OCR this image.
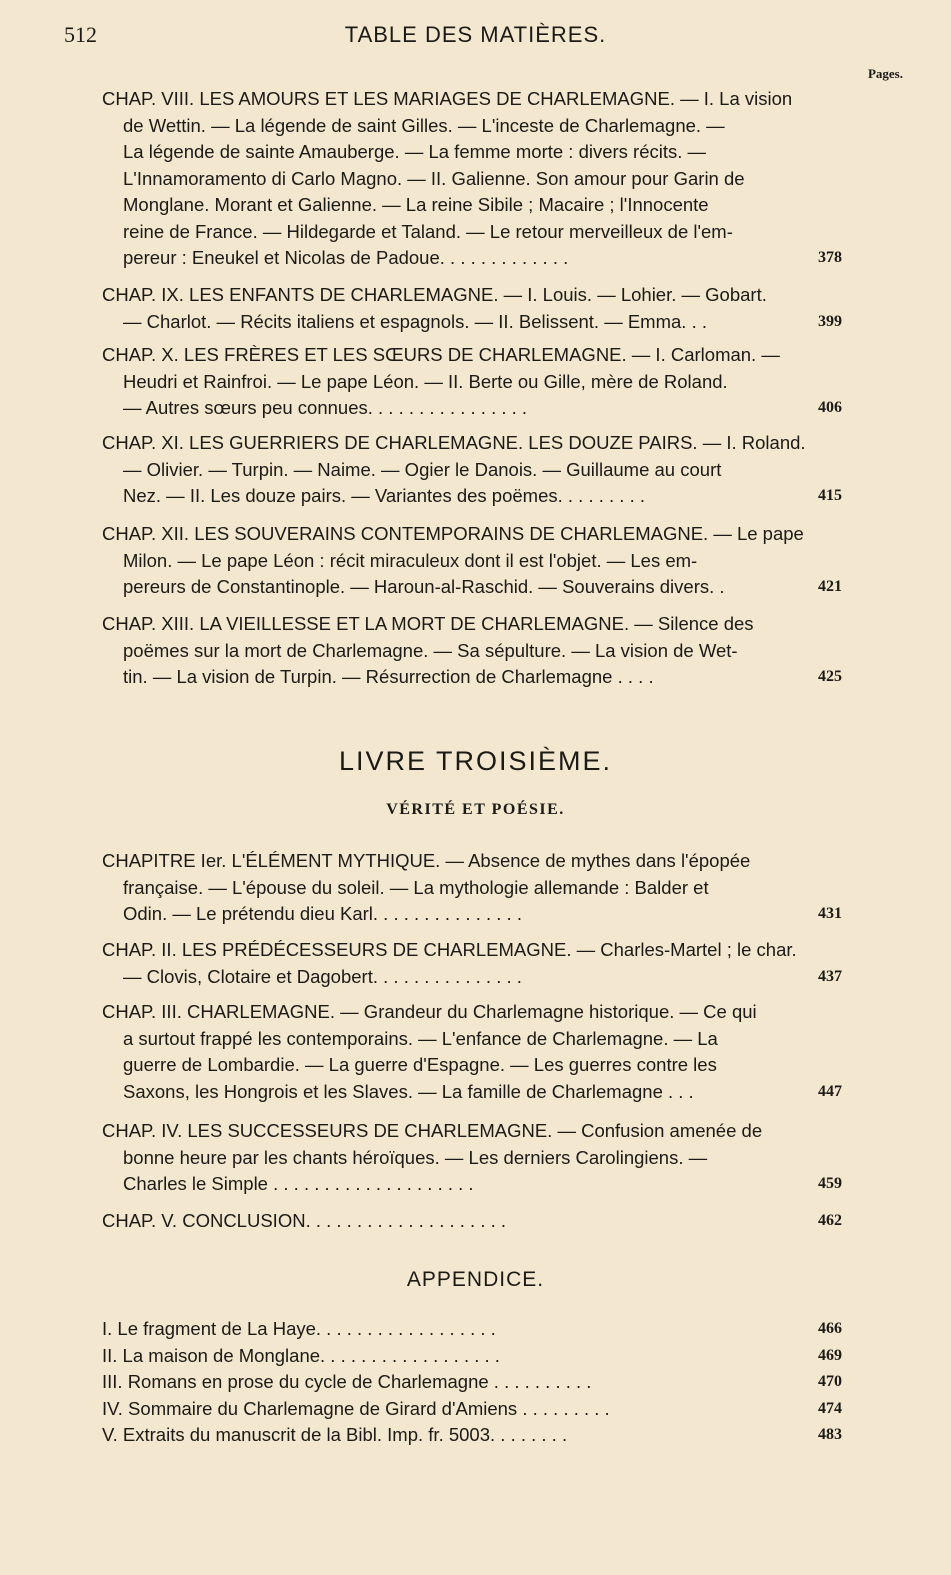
512	TABLE DES MATIÈRES.
Pages.
CHAP. VIII. LES AMOURS ET LES MARIAGES DE CHARLEMAGNE. — I. La vision
de Wettin. — La légende de saint Gilles. — L'inceste de Charlemagne. —
La légende de sainte Amauberge. — La femme morte : divers récits. —
L'Innamoramento di Carlo Magno. — II. Galienne. Son amour pour Garin de
Monglane. Morant et Galienne. — La reine Sibile ; Macaire ; l'Innocente
reine de France. — Hildegarde et Taland. — Le retour merveilleux de l'em-
pereur : Eneukel et Nicolas de Padoue. . . . . . . . . . . . .	378
CHAP. IX. LES ENFANTS DE CHARLEMAGNE. — I. Louis. — Lohier. — Gobart.
— Charlot. — Récits italiens et espagnols. — II. Belissent. — Emma. . .	399
CHAP. X. LES FRÈRES ET LES SŒURS DE CHARLEMAGNE. — I. Carloman. —
Heudri et Rainfroi. — Le pape Léon. — II. Berte ou Gille, mère de Roland.
— Autres sœurs peu connues. . . . . . . . . . . . . . . .	406
CHAP. XI. LES GUERRIERS DE CHARLEMAGNE. LES DOUZE PAIRS. — I. Roland.
— Olivier. — Turpin. — Naime. — Ogier le Danois. — Guillaume au court
Nez. — II. Les douze pairs. — Variantes des poëmes. . . . . . . . .	415
CHAP. XII. LES SOUVERAINS CONTEMPORAINS DE CHARLEMAGNE. — Le pape
Milon. — Le pape Léon : récit miraculeux dont il est l'objet. — Les em-
pereurs de Constantinople. — Haroun-al-Raschid. — Souverains divers. .	421
CHAP. XIII. LA VIEILLESSE ET LA MORT DE CHARLEMAGNE. — Silence des
poëmes sur la mort de Charlemagne. — Sa sépulture. — La vision de Wet-
tin. — La vision de Turpin. — Résurrection de Charlemagne . . . .	425
LIVRE TROISIÈME.
VÉRITÉ ET POÉSIE.
CHAPITRE Ier. L'ÉLÉMENT MYTHIQUE. — Absence de mythes dans l'épopée
française. — L'épouse du soleil. — La mythologie allemande : Balder et
Odin. — Le prétendu dieu Karl. . . . . . . . . . . . . . .	431
CHAP. II. LES PRÉDÉCESSEURS DE CHARLEMAGNE. — Charles-Martel ; le char.
— Clovis, Clotaire et Dagobert. . . . . . . . . . . . . . .	437
CHAP. III. CHARLEMAGNE. — Grandeur du Charlemagne historique. — Ce qui
a surtout frappé les contemporains. — L'enfance de Charlemagne. — La
guerre de Lombardie. — La guerre d'Espagne. — Les guerres contre les
Saxons, les Hongrois et les Slaves. — La famille de Charlemagne . . .	447
CHAP. IV. LES SUCCESSEURS DE CHARLEMAGNE. — Confusion amenée de
bonne heure par les chants héroïques. — Les derniers Carolingiens. —
Charles le Simple . . . . . . . . . . . . . . . . . . . .	459
CHAP. V. CONCLUSION. . . . . . . . . . . . . . . . . . . .	462
APPENDICE.
I. Le fragment de La Haye. . . . . . . . . . . . . . . . . .	466
II. La maison de Monglane. . . . . . . . . . . . . . . . . .	469
III. Romans en prose du cycle de Charlemagne . . . . . . . . . .	470
IV. Sommaire du Charlemagne de Girard d'Amiens . . . . . . . . .	474
V. Extraits du manuscrit de la Bibl. Imp. fr. 5003. . . . . . . .	483
